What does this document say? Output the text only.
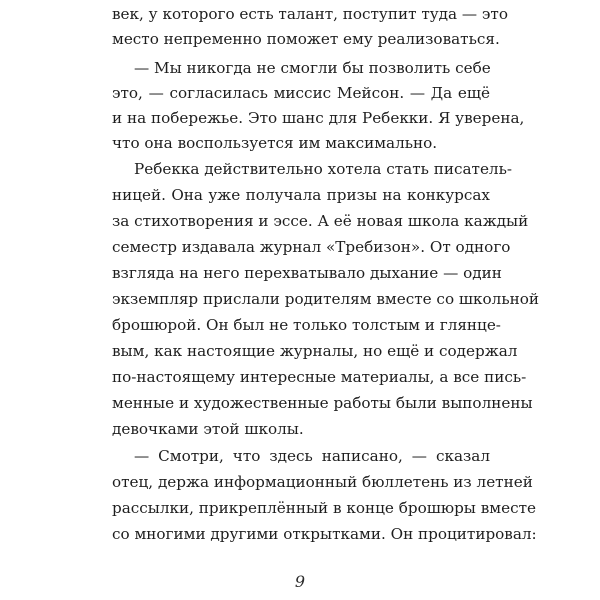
век, у которого есть талант, поступит туда — это
место непременно поможет ему реализоваться.
— Мы никогда не смогли бы позволить себе
это, — согласилась миссис Мейсон. — Да ещё
и на побережье. Это шанс для Ребекки. Я уверена,
что она воспользуется им максимально.
Ребекка действительно хотела стать писатель-
ницей. Она уже получала призы на конкурсах
за стихотворения и эссе. А её новая школа каждый
семестр издавала журнал «Требизон». От одного
взгляда на него перехватывало дыхание — один
экземпляр прислали родителям вместе со школьной
брошюрой. Он был не только толстым и глянце-
вым, как настоящие журналы, но ещё и содержал
по-настоящему интересные материалы, а все пись-
менные и художественные работы были выполнены
девочками этой школы.
— Смотри, что здесь написано, — сказал
отец, держа информационный бюллетень из летней
рассылки, прикреплённый в конце брошюры вместе
со многими другими открытками. Он процитировал:
9
